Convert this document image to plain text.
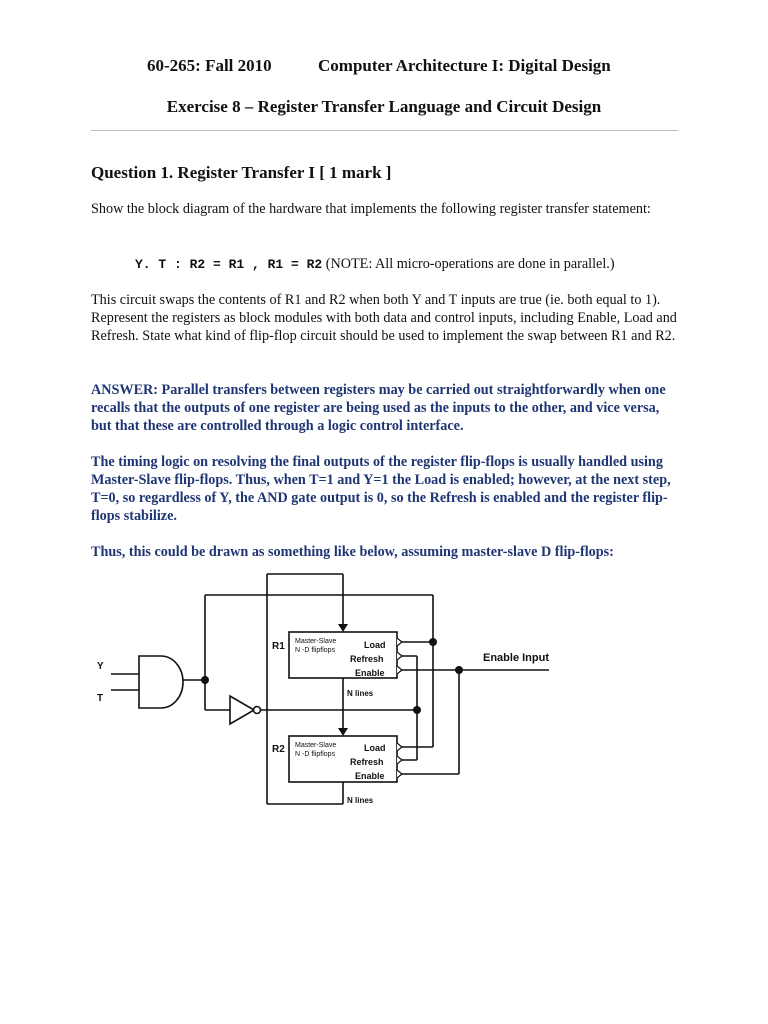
60-265: Fall 2010	Computer Architecture I: Digital Design
Exercise 8 – Register Transfer Language and Circuit Design
Question 1. Register Transfer I [ 1 mark ]

Show the block diagram of the hardware that implements the following register transfer statement:

Y. T : R2 = R1 , R1 = R2 (NOTE: All micro-operations are done in parallel.)

This circuit swaps the contents of R1 and R2 when both Y and T inputs are true (ie. both equal to 1). Represent the registers as block modules with both data and control inputs, including Enable, Load and Refresh. State what kind of flip-flop circuit should be used to implement the swap between R1 and R2.

ANSWER: Parallel transfers between registers may be carried out straightforwardly when one recalls that the outputs of one register are being used as the inputs to the other, and vice versa, but that these are controlled through a logic control interface.

The timing logic on resolving the final outputs of the register flip-flops is usually handled using Master-Slave flip-flops. Thus, when T=1 and Y=1 the Load is enabled; however, at the next step, T=0, so regardless of Y, the AND gate output is 0, so the Refresh is enabled and the register flip-flops stabilize.

Thus, this could be drawn as something like below, assuming master-slave D flip-flops:

Y
T
R1
R2
Master-Slave
N -D flipflops
Load
Refresh
Enable
N lines
Master-Slave
N -D flipflops
Load
Refresh
Enable
N lines
Enable Input
